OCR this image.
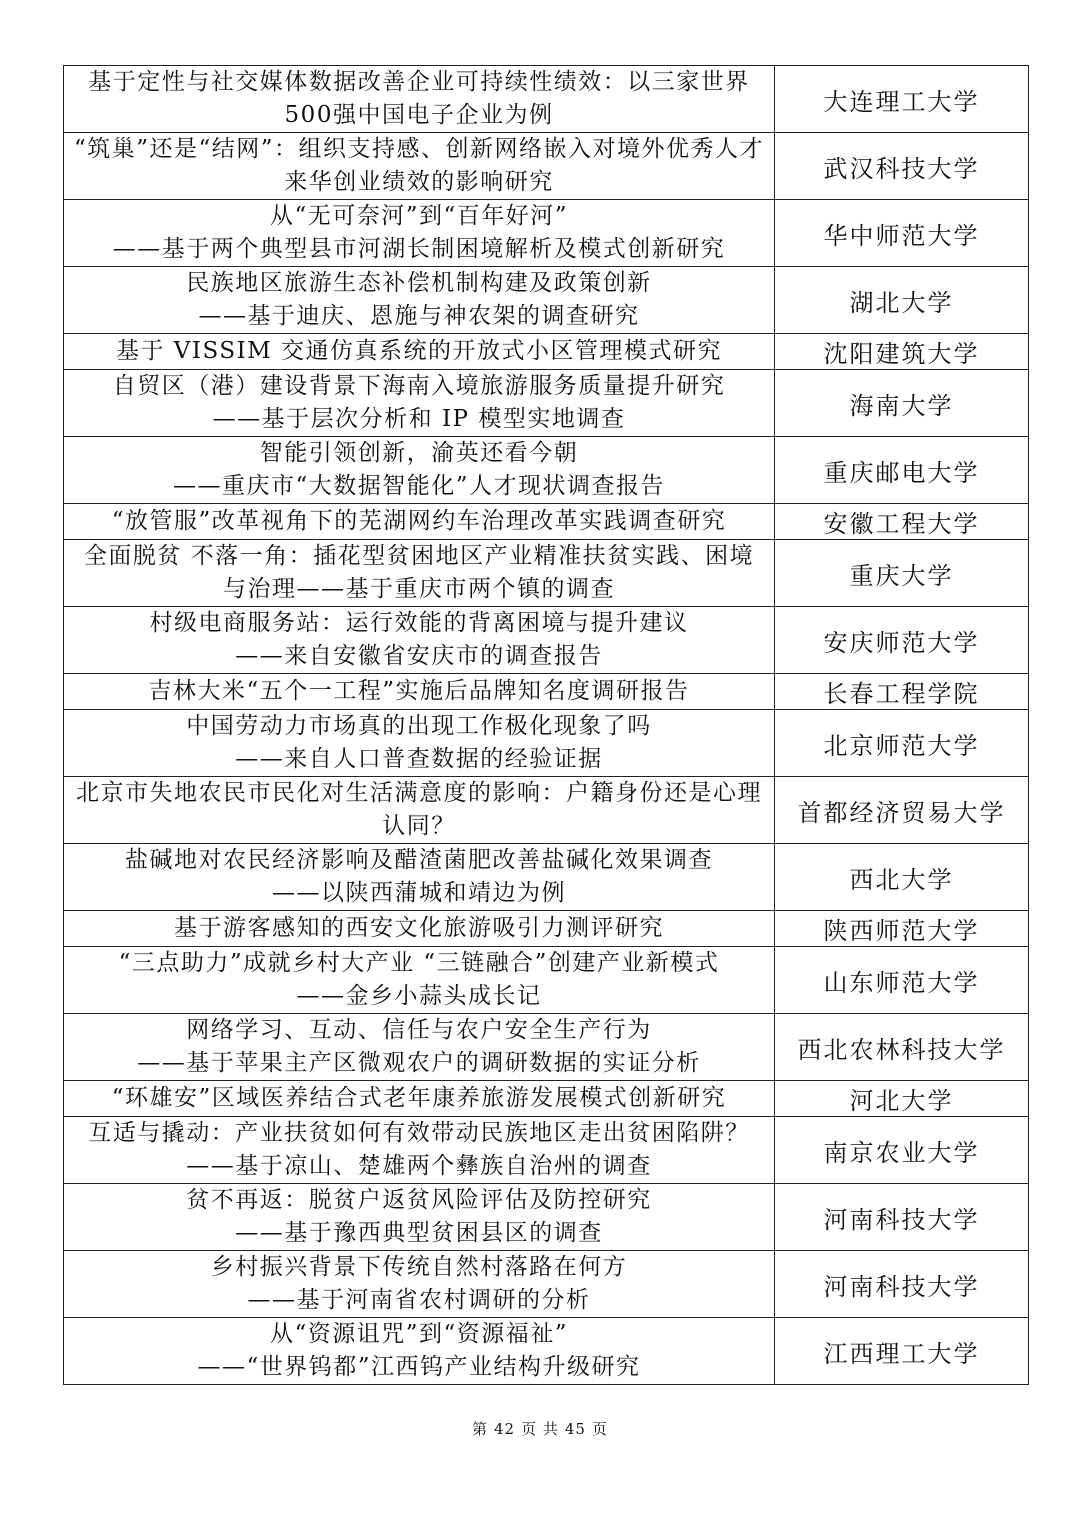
基于定性与社交媒体数据改善企业可持续性绩效：以三家世界
500强中国电子企业为例	大连理工大学

“筑巢”还是“结网”：组织支持感、创新网络嵌入对境外优秀人才
来华创业绩效的影响研究	武汉科技大学

从“无可奈河”到“百年好河”
——基于两个典型县市河湖长制困境解析及模式创新研究	华中师范大学

民族地区旅游生态补偿机制构建及政策创新
——基于迪庆、恩施与神农架的调查研究	湖北大学

基于 VISSIM 交通仿真系统的开放式小区管理模式研究	沈阳建筑大学

自贸区（港）建设背景下海南入境旅游服务质量提升研究
——基于层次分析和 IP 模型实地调查	海南大学

智能引领创新，渝英还看今朝
——重庆市“大数据智能化”人才现状调查报告	重庆邮电大学

“放管服”改革视角下的芜湖网约车治理改革实践调查研究	安徽工程大学

全面脱贫 不落一角：插花型贫困地区产业精准扶贫实践、困境
与治理——基于重庆市两个镇的调查	重庆大学

村级电商服务站：运行效能的背离困境与提升建议
——来自安徽省安庆市的调查报告	安庆师范大学

吉林大米“五个一工程”实施后品牌知名度调研报告	长春工程学院

中国劳动力市场真的出现工作极化现象了吗
——来自人口普查数据的经验证据	北京师范大学

北京市失地农民市民化对生活满意度的影响：户籍身份还是心理
认同？	首都经济贸易大学

盐碱地对农民经济影响及醋渣菌肥改善盐碱化效果调查
——以陕西蒲城和靖边为例	西北大学

基于游客感知的西安文化旅游吸引力测评研究	陕西师范大学

“三点助力”成就乡村大产业 “三链融合”创建产业新模式
——金乡小蒜头成长记	山东师范大学

网络学习、互动、信任与农户安全生产行为
——基于苹果主产区微观农户的调研数据的实证分析	西北农林科技大学

“环雄安”区域医养结合式老年康养旅游发展模式创新研究	河北大学

互适与撬动：产业扶贫如何有效带动民族地区走出贫困陷阱？
——基于凉山、楚雄两个彝族自治州的调查	南京农业大学

贫不再返：脱贫户返贫风险评估及防控研究
——基于豫西典型贫困县区的调查	河南科技大学

乡村振兴背景下传统自然村落路在何方
——基于河南省农村调研的分析	河南科技大学

从“资源诅咒”到“资源福祉”
——“世界钨都”江西钨产业结构升级研究	江西理工大学
第 42 页 共 45 页
